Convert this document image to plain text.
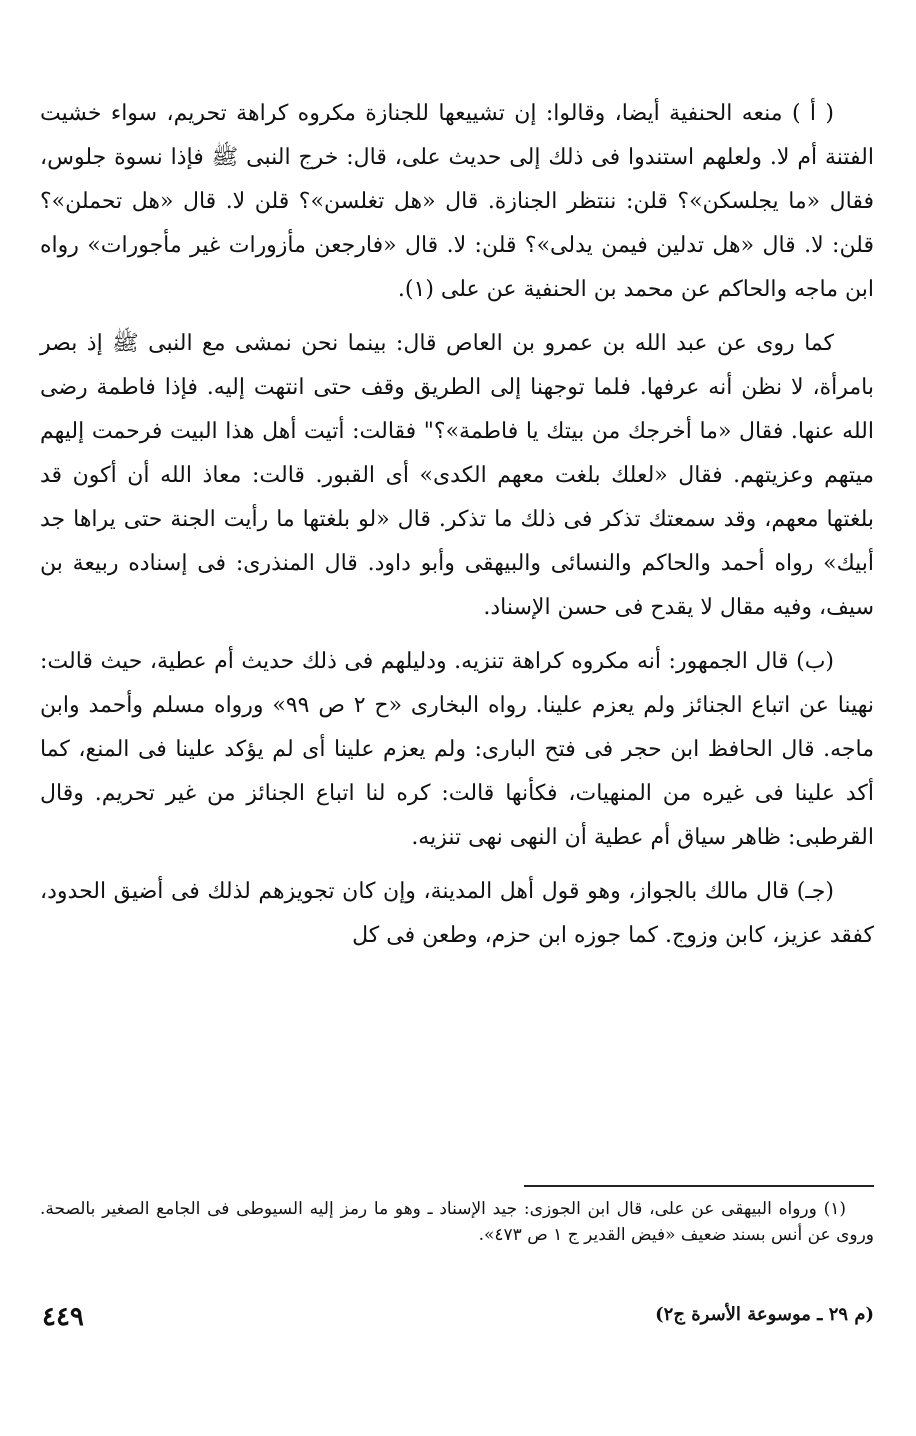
( أ ) منعه الحنفية أيضا، وقالوا: إن تشييعها للجنازة مكروه كراهة تحريم، سواء خشيت الفتنة أم لا. ولعلهم استندوا فى ذلك إلى حديث على، قال: خرج النبى ﷺ فإذا نسوة جلوس، فقال «ما يجلسكن»؟ قلن: ننتظر الجنازة. قال «هل تغلسن»؟ قلن لا. قال «هل تحملن»؟ قلن: لا. قال «هل تدلين فيمن يدلى»؟ قلن: لا. قال «فارجعن مأزورات غير مأجورات» رواه ابن ماجه والحاكم عن محمد بن الحنفية عن على (١).

كما روى عن عبد الله بن عمرو بن العاص قال: بينما نحن نمشى مع النبى ﷺ إذ بصر بامرأة، لا نظن أنه عرفها. فلما توجهنا إلى الطريق وقف حتى انتهت إليه. فإذا فاطمة رضى الله عنها. فقال «ما أخرجك من بيتك يا فاطمة»؟" فقالت: أتيت أهل هذا البيت فرحمت إليهم ميتهم وعزيتهم. فقال «لعلك بلغت معهم الكدى» أى القبور. قالت: معاذ الله أن أكون قد بلغتها معهم، وقد سمعتك تذكر فى ذلك ما تذكر. قال «لو بلغتها ما رأيت الجنة حتى يراها جد أبيك» رواه أحمد والحاكم والنسائى والبيهقى وأبو داود. قال المنذرى: فى إسناده ربيعة بن سيف، وفيه مقال لا يقدح فى حسن الإسناد.

(ب) قال الجمهور: أنه مكروه كراهة تنزيه. ودليلهم فى ذلك حديث أم عطية، حيث قالت: نهينا عن اتباع الجنائز ولم يعزم علينا. رواه البخارى «ح ٢ ص ٩٩» ورواه مسلم وأحمد وابن ماجه. قال الحافظ ابن حجر فى فتح البارى: ولم يعزم علينا أى لم يؤكد علينا فى المنع، كما أكد علينا فى غيره من المنهيات، فكأنها قالت: كره لنا اتباع الجنائز من غير تحريم. وقال القرطبى: ظاهر سياق أم عطية أن النهى نهى تنزيه.

(جـ) قال مالك بالجواز، وهو قول أهل المدينة، وإن كان تجويزهم لذلك فى أضيق الحدود، كفقد عزيز، كابن وزوج. كما جوزه ابن حزم، وطعن فى كل

(١) ورواه البيهقى عن على، قال ابن الجوزى: جيد الإسناد ـ وهو ما رمز إليه السيوطى فى الجامع الصغير بالصحة. وروى عن أنس بسند ضعيف «فيض القدير ج ١ ص ٤٧٣».
(م ٢٩ ـ موسوعة الأسرة ج٢)
٤٤٩
